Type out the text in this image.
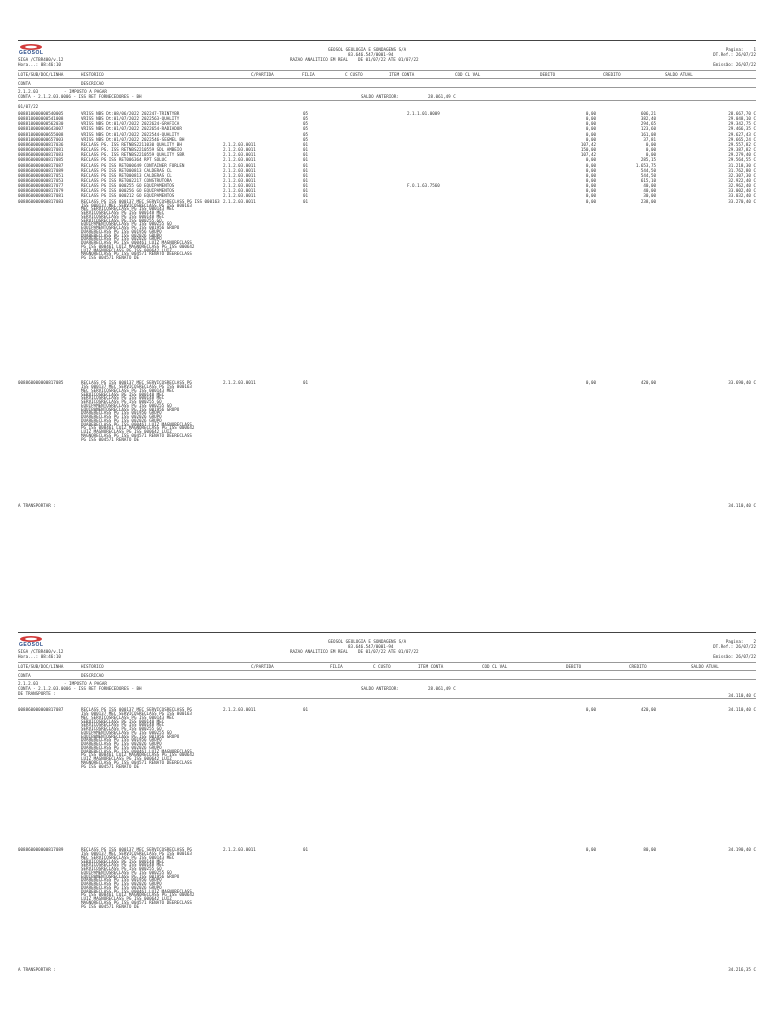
GEOSOL
GEOSOL GEOLOGIA E SONDAGENS S/A
83.646.547/0001-94
RAZAO ANALITICO EM REAL DE 01/07/22 ATE 01/07/22
Pagina:    1
DT.Ref.: 26/07/22
SIGA /CTBR400/v.12
Hora...: 08:46:10	Emissão: 26/07/22
LOTE/SUB/DOC/LINHA	HISTORICO	C/PARTIDA	FILIA	C CUSTO	ITEM CONTA	COD CL VAL	DEBITO	CREDITO	SALDO ATUAL
CONTA	DESCRICAO
2.1.2.03	- IMPOSTO A PAGAR
CONTA - 2.1.2.03.0006 - ISS RET FORNECEDORES - BH	SALDO ANTERIOR:	28.061,49 C
01/07/22
008810000000540005	VRISS NBS Dt:08/06/2022 202247-TRINTYBR	05	2.1.1.01.0009	0,00	606,21	28.667,70 C
008810000000541008	VRISS NBS Dt:01/07/2022 2022563-QUALITY	05	0,00	382,40	29.048,10 C
008810000000562030	VRISS NBS Dt:01/07/2022 2022624-GRAFICA	05	0,00	294,65	29.342,75 C
008810000000643007	VRISS NBS Dt:01/07/2022 2022654-RADIADOR	05	0,00	123,60	29.466,35 C
008810000000655008	VRISS NBS Dt:01/07/2022 2022544-QUALITY	05	0,00	161,08	29.627,43 C
008810000000657003	VRISS NBS Dt:01/07/2022 2022546-SEGMEL BH	05	0,00	37,81	29.665,24 C
008860000000817036	RECLASS PG. ISS RETNBS2211030 QUALITY BH	2.1.2.03.0011	01	107,42	0,00	29.557,82 C
008860000000817081	RECLASS PG. ISS RETNBS2210559 SDL AMBEIO	2.1.2.03.0011	01	150,00	0,00	29.387,82 C
008860000000817083	RECLASS PG. ISS RETNBS2210559 QUALITY SBR	2.1.2.03.0011	01	107,42	0,00	29.279,40 C
008860000000817085	RECLASS PG ISS RET006364 RPT SOLUC	2.1.2.03.0011	01	0,00	285,15	29.564,55 C
008860000000817087	RECLASS PG ISS RET000649 CONTAINER FORLEN	2.1.2.03.0011	01	0,00	1.653,75	31.218,30 C
008860000000817089	RECLASS PG ISS RET000813 CALDERAS CL	2.1.2.03.0011	01	0,00	544,50	31.762,80 C
008860000000817051	RECLASS PG ISS RET000813 CALDERAS CL	2.1.2.03.0011	01	0,00	544,50	32.307,30 C
008860000000817053	RECLASS PG ISS RET002217 CONSTRUTORA	2.1.2.03.0011	01	0,00	615,10	32.922,40 C
008860000000817077	RECLASS PG ISS 000255 GO EQUIPAMENTOS	2.1.2.03.0011	01	F.O.1.63.7560	0,00	40,00	32.962,40 C
008860000000817079	RECLASS PG ISS 000256 GO EQUIPAMENTOS	2.1.2.03.0011	01	0,00	40,00	33.002,40 C
008860000000817081	RECLASS PG ISS 000212 GO EQUIPAMENTOS	2.1.2.03.0011	01	0,00	30,00	33.032,40 C
008860000000817083	RECLASS PG ISS 000137 MEC SERVICOSRECLASS PG ISS 000163 2.1.2.03.0011	01	0,00	238,00	33.270,40 C
ISS 000137 MEC SERVICOSRECLASS PG ISS 000163
MEC SERVICOSRECLASS PG ISS 000143 MEC
SERVICOSRECLASS PG ISS 000148 MEC
SERVICOSRECLASS PG ISS 000148 MEC
SERVICOSRECLASS PG ISS 000255 GO
EQUIPAMENTOSRECLASS PG ISS 000255 GO
EQUIPAMENTOSRECLASS PG ISS 001956 GRUPO
DUARERECLASS PG ISS 001956 GRUPO
DUARERECLASS PG ISS 002026 GRUPO
DUARERECLASS PG ISS 002026 GRUPO
DUARERECLASS PG ISS 000461 LUIZ MAGNORECLASS
PG ISS 000461 LUIZ MAGNORECLASS PG ISS 000642
LUIZ MAGNORECLASS PG ISS 000642 LUIZ
MAGNORECLASS PG ISS 004571 RENATO DEERECLASS
PG ISS 004571 RENATO DE
008860000000817085	RECLASS PG ISS 000137 MEC SERVICOSRECLASS PG	2.1.2.03.0011	01	0,00	420,00	33.690,40 C
ISS 000137 MEC SERVICOSRECLASS PG ISS 000163
MEC SERVICOSRECLASS PG ISS 000143 MEC
SERVICOSRECLASS PG ISS 000148 MEC
SERVICOSRECLASS PG ISS 000148 MEC
SERVICOSRECLASS PG ISS 000255 GO
EQUIPAMENTOSRECLASS PG ISS 000255 GO
EQUIPAMENTOSRECLASS PG ISS 001956 GRUPO
DUARERECLASS PG ISS 001956 GRUPO
DUARERECLASS PG ISS 002026 GRUPO
DUARERECLASS PG ISS 002026 GRUPO
DUARERECLASS PG ISS 000461 LUIZ MAGNORECLASS
PG ISS 000461 LUIZ MAGNORECLASS PG ISS 000642
LUIZ MAGNORECLASS PG ISS 000642 LUIZ
MAGNORECLASS PG ISS 004571 RENATO DEERECLASS
PG ISS 004571 RENATO DE
A TRANSPORTAR :	34.110,40 C
GEOSOL
GEOSOL GEOLOGIA E SONDAGENS S/A
83.646.547/0001-94
RAZAO ANALITICO EM REAL DE 01/07/22 ATE 01/07/22
Pagina:    2
DT.Ref.: 26/07/22
SIGA /CTBR400/v.12
Hora...: 08:46:10	Emissão: 26/07/22
LOTE/SUB/DOC/LINHA	HISTORICO	C/PARTIDA	FILIA	C CUSTO	ITEM CONTA	COD CL VAL	DEBITO	CREDITO	SALDO ATUAL
CONTA	DESCRICAO
2.1.2.03	- IMPOSTO A PAGAR
CONTA - 2.1.2.03.0006 - ISS RET FORNECEDORES - BH	SALDO ANTERIOR:	28.061,49 C
DE TRANSPORTE :	34.110,40 C
008860000000817087	RECLASS PG ISS 000137 MEC SERVICOSRECLASS PG	2.1.2.03.0011	01	0,00	420,00	34.110,40 C
ISS 000137 MEC SERVICOSRECLASS PG ISS 000163
MEC SERVICOSRECLASS PG ISS 000143 MEC
SERVICOSRECLASS PG ISS 000148 MEC
SERVICOSRECLASS PG ISS 000148 MEC
SERVICOSRECLASS PG ISS 000255 GO
EQUIPAMENTOSRECLASS PG ISS 000255 GO
EQUIPAMENTOSRECLASS PG ISS 001956 GRUPO
DUARERECLASS PG ISS 001956 GRUPO
DUARERECLASS PG ISS 002026 GRUPO
DUARERECLASS PG ISS 002026 GRUPO
DUARERECLASS PG ISS 000461 LUIZ MAGNORECLASS
PG ISS 000461 LUIZ MAGNORECLASS PG ISS 000642
LUIZ MAGNORECLASS PG ISS 000642 LUIZ
MAGNORECLASS PG ISS 004571 RENATO DEERECLASS
PG ISS 004571 RENATO DE
008860000000817089	RECLASS PG ISS 000137 MEC SERVICOSRECLASS PG	2.1.2.03.0011	01	0,00	80,00	34.190,40 C
ISS 000137 MEC SERVICOSRECLASS PG ISS 000163
MEC SERVICOSRECLASS PG ISS 000143 MEC
SERVICOSRECLASS PG ISS 000148 MEC
SERVICOSRECLASS PG ISS 000148 MEC
SERVICOSRECLASS PG ISS 000255 GO
EQUIPAMENTOSRECLASS PG ISS 000255 GO
EQUIPAMENTOSRECLASS PG ISS 001956 GRUPO
DUARERECLASS PG ISS 001956 GRUPO
DUARERECLASS PG ISS 002026 GRUPO
DUARERECLASS PG ISS 002026 GRUPO
DUARERECLASS PG ISS 000461 LUIZ MAGNORECLASS
PG ISS 000461 LUIZ MAGNORECLASS PG ISS 000642
LUIZ MAGNORECLASS PG ISS 000642 LUIZ
MAGNORECLASS PG ISS 004571 RENATO DEERECLASS
PG ISS 004571 RENATO DE
A TRANSPORTAR :	34.216,35 C
